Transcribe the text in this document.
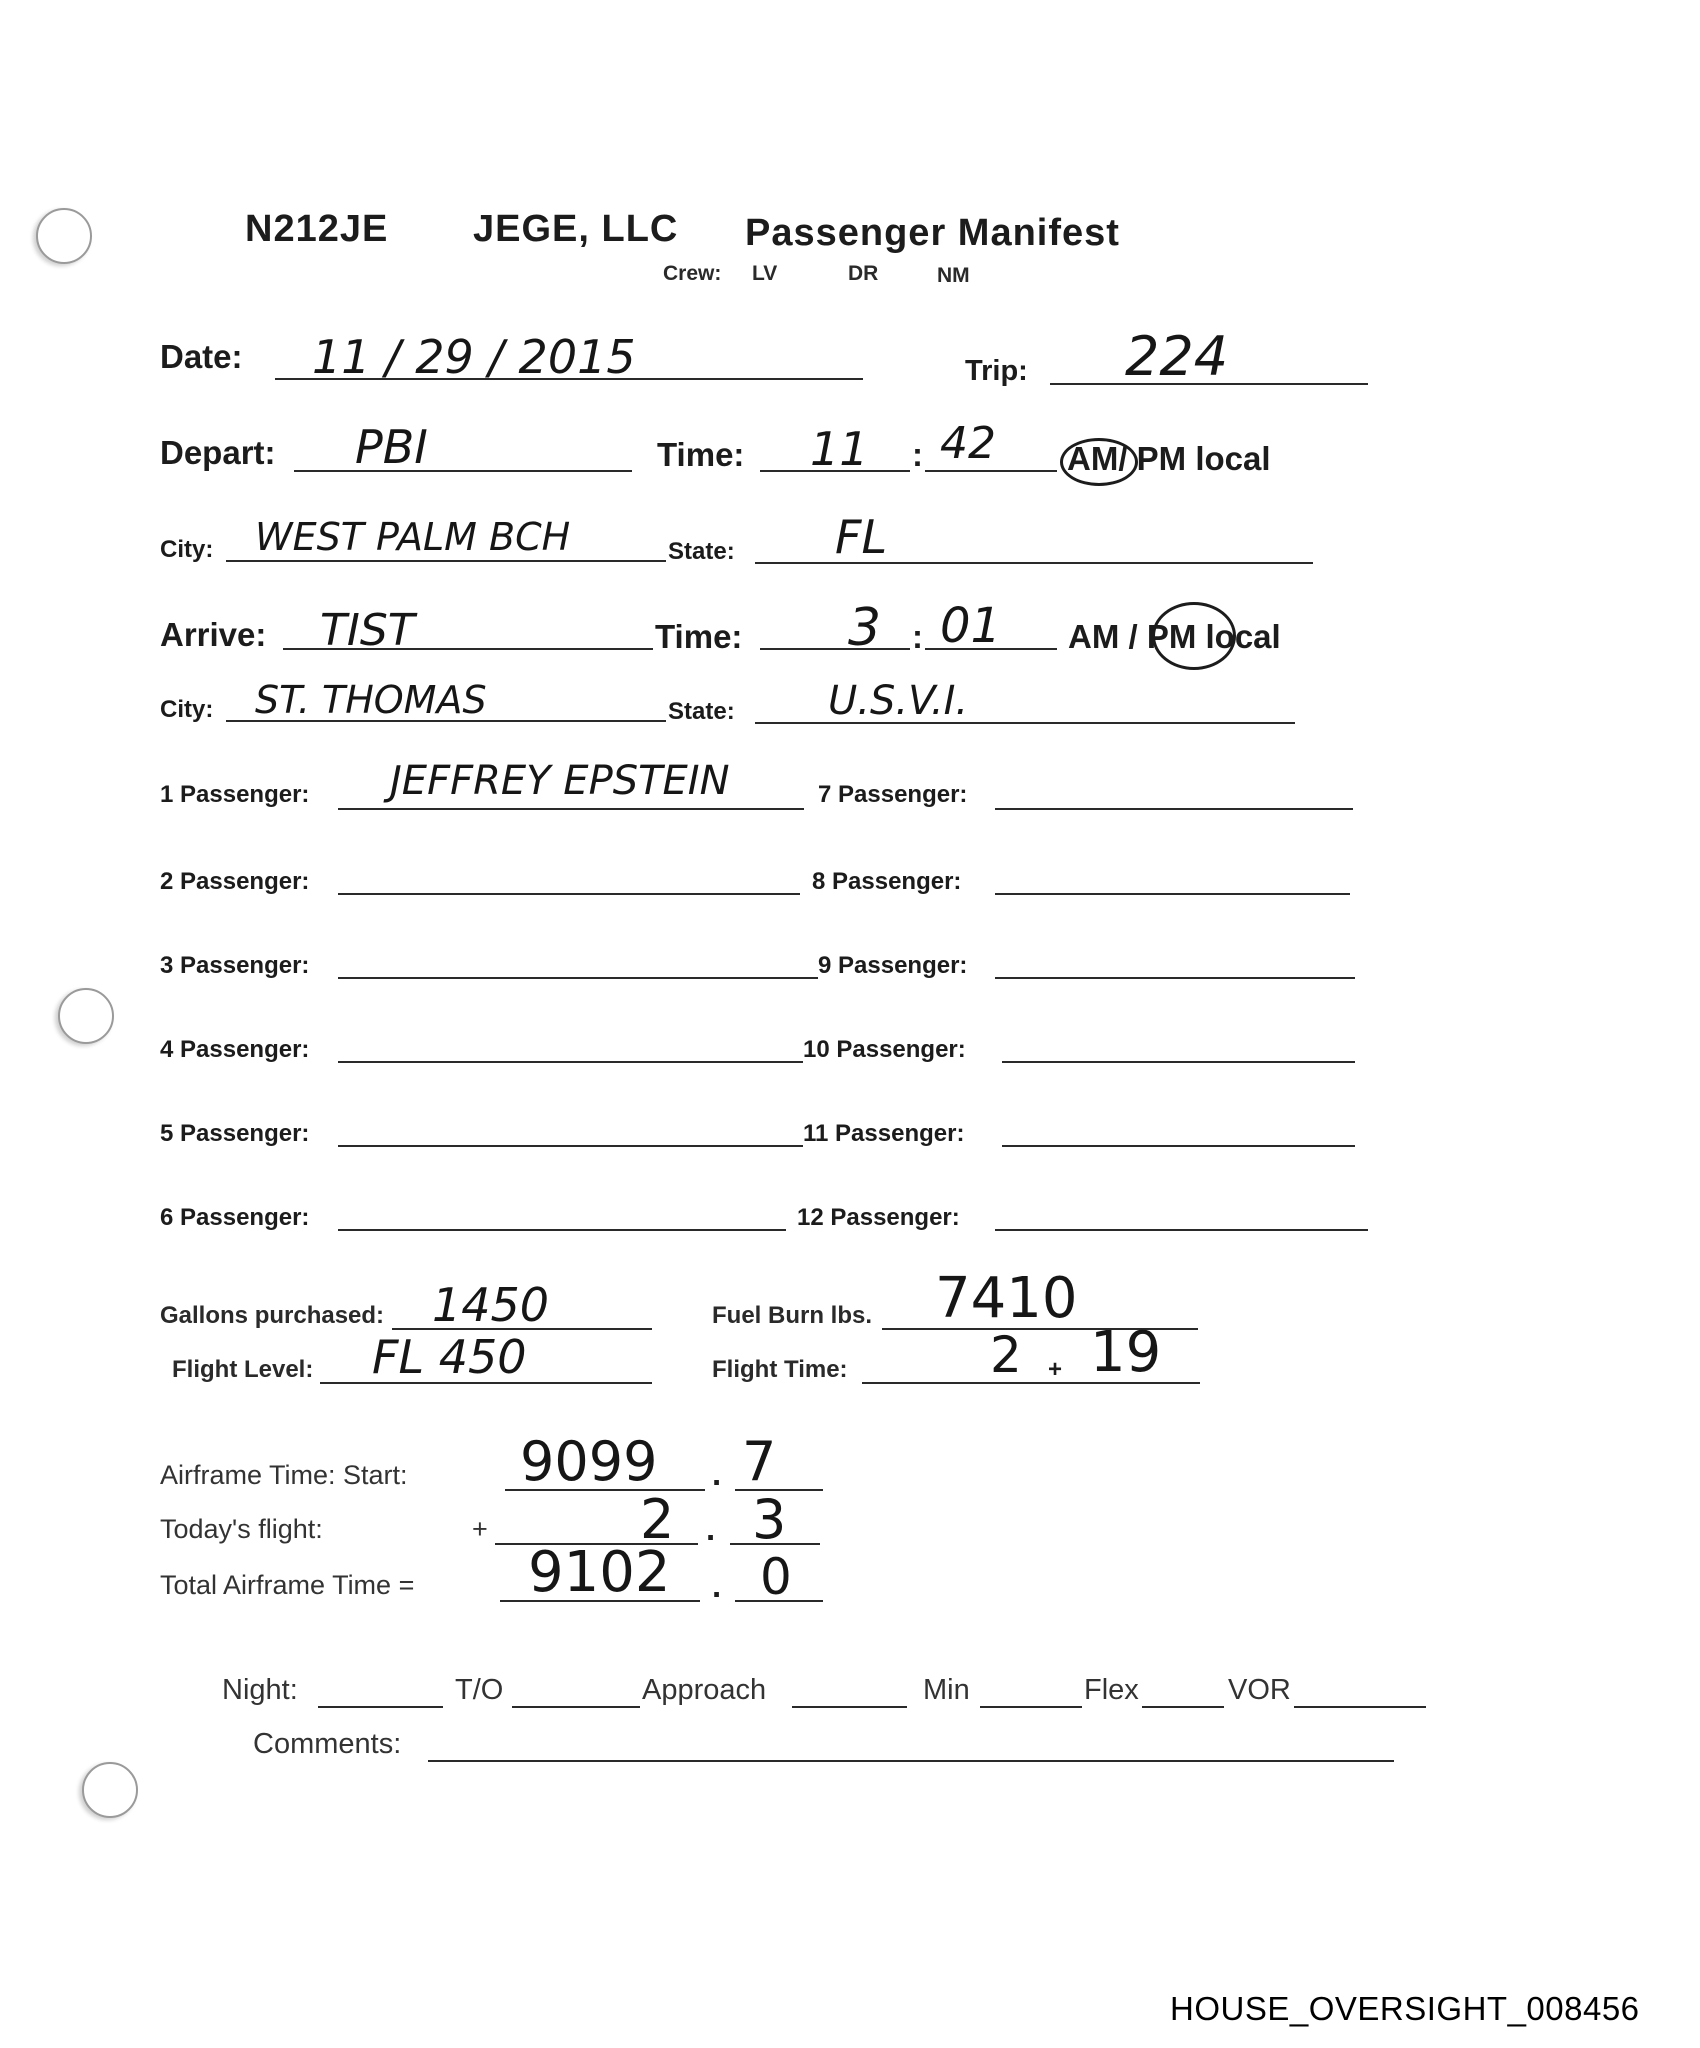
N212JE JEGE, LLC Passenger Manifest
Crew: LV	DR	NM
Date: 11 / 29 / 2015	Trip: 224
Depart: PBI	Time: 11 : 42 AM/ PM local
City: WEST PALM BCH	State: FL
Arrive: TIST	Time: 3 : 01 AM / PM local
City: ST. THOMAS	State: U.S.V.I.
1 Passenger: JEFFREY EPSTEIN
2 Passenger:
3 Passenger:
4 Passenger:
5 Passenger:
6 Passenger:
7 Passenger:
8 Passenger:
9 Passenger:
10 Passenger:
11 Passenger:
12 Passenger:
Gallons purchased: 1450	Fuel Burn lbs. 7410
Flight Level: FL 450	Flight Time:	2 + 19
Airframe Time: Start: 9099 . 7
Today's flight:	+	2 . 3
Total Airframe Time = 9102 . 0
Night:	T/O	Approach	Min	Flex	VOR
Comments:
HOUSE_OVERSIGHT_008456
